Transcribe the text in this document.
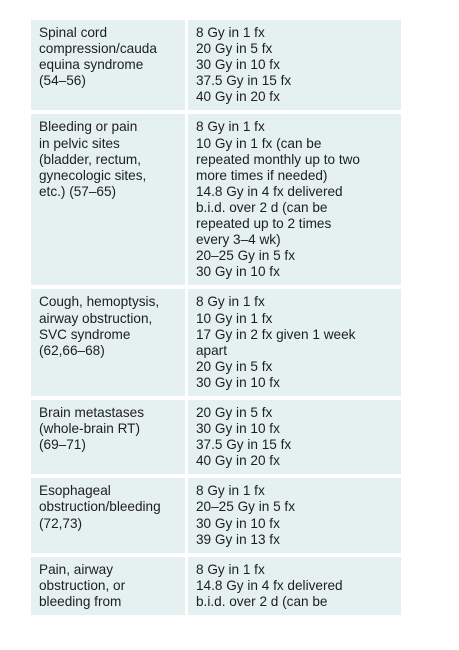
Spinal cord
compression/cauda
equina syndrome
(54–56)
8 Gy in 1 fx
20 Gy in 5 fx
30 Gy in 10 fx
37.5 Gy in 15 fx
40 Gy in 20 fx
Bleeding or pain
in pelvic sites
(bladder, rectum,
gynecologic sites,
etc.) (57–65)
8 Gy in 1 fx
10 Gy in 1 fx (can be
repeated monthly up to two
more times if needed)
14.8 Gy in 4 fx delivered
b.i.d. over 2 d (can be
repeated up to 2 times
every 3–4 wk)
20–25 Gy in 5 fx
30 Gy in 10 fx
Cough, hemoptysis,
airway obstruction,
SVC syndrome
(62,66–68)
8 Gy in 1 fx
10 Gy in 1 fx
17 Gy in 2 fx given 1 week
apart
20 Gy in 5 fx
30 Gy in 10 fx
Brain metastases
(whole-brain RT)
(69–71)
20 Gy in 5 fx
30 Gy in 10 fx
37.5 Gy in 15 fx
40 Gy in 20 fx
Esophageal
obstruction/bleeding
(72,73)
8 Gy in 1 fx
20–25 Gy in 5 fx
30 Gy in 10 fx
39 Gy in 13 fx
Pain, airway
obstruction, or
bleeding from
8 Gy in 1 fx
14.8 Gy in 4 fx delivered
b.i.d. over 2 d (can be
